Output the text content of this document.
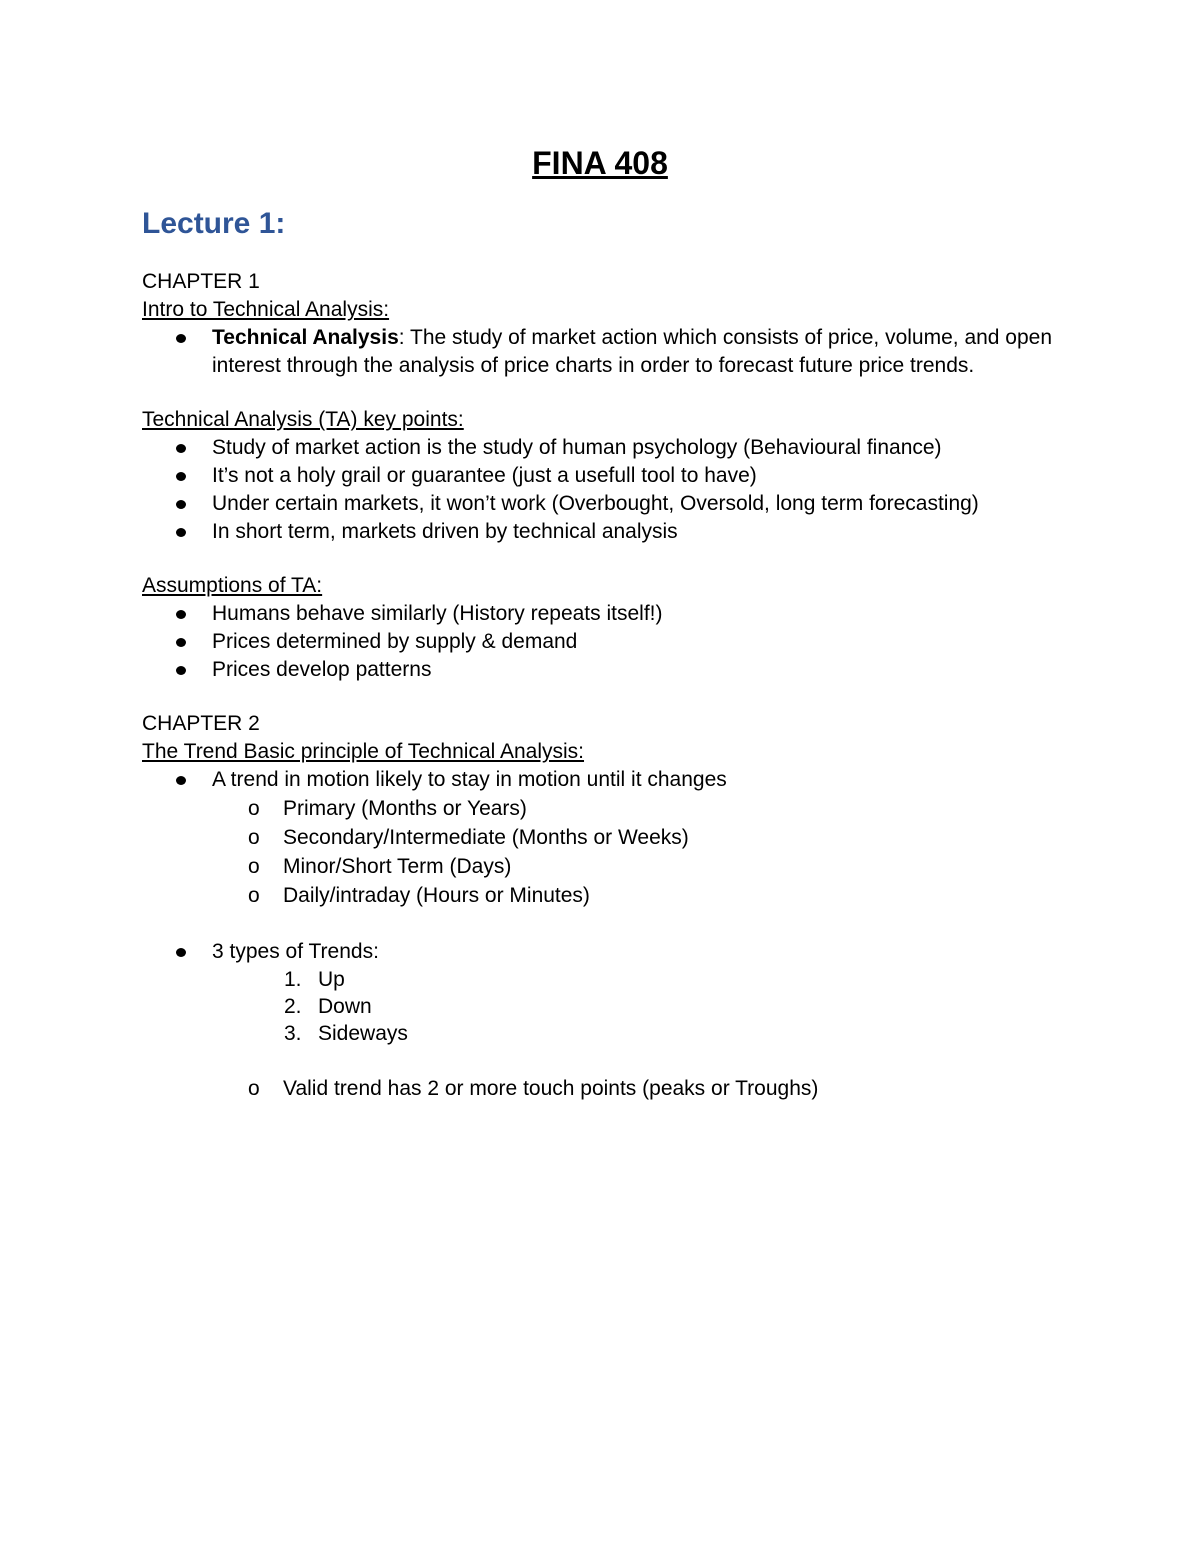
FINA 408
Lecture 1:
CHAPTER 1
Intro to Technical Analysis:
Technical Analysis: The study of market action which consists of price, volume, and open interest through the analysis of price charts in order to forecast future price trends.
Technical Analysis (TA) key points:
Study of market action is the study of human psychology (Behavioural finance)
It’s not a holy grail or guarantee (just a usefull tool to have)
Under certain markets, it won’t work (Overbought, Oversold, long term forecasting)
In short term, markets driven by technical analysis
Assumptions of TA:
Humans behave similarly (History repeats itself!)
Prices determined by supply & demand
Prices develop patterns
CHAPTER 2
The Trend Basic principle of Technical Analysis:
A trend in motion likely to stay in motion until it changes
o Primary (Months or Years)
o Secondary/Intermediate (Months or Weeks)
o Minor/Short Term (Days)
o Daily/intraday (Hours or Minutes)
3 types of Trends:
1. Up
2. Down
3. Sideways
o Valid trend has 2 or more touch points (peaks or Troughs)
